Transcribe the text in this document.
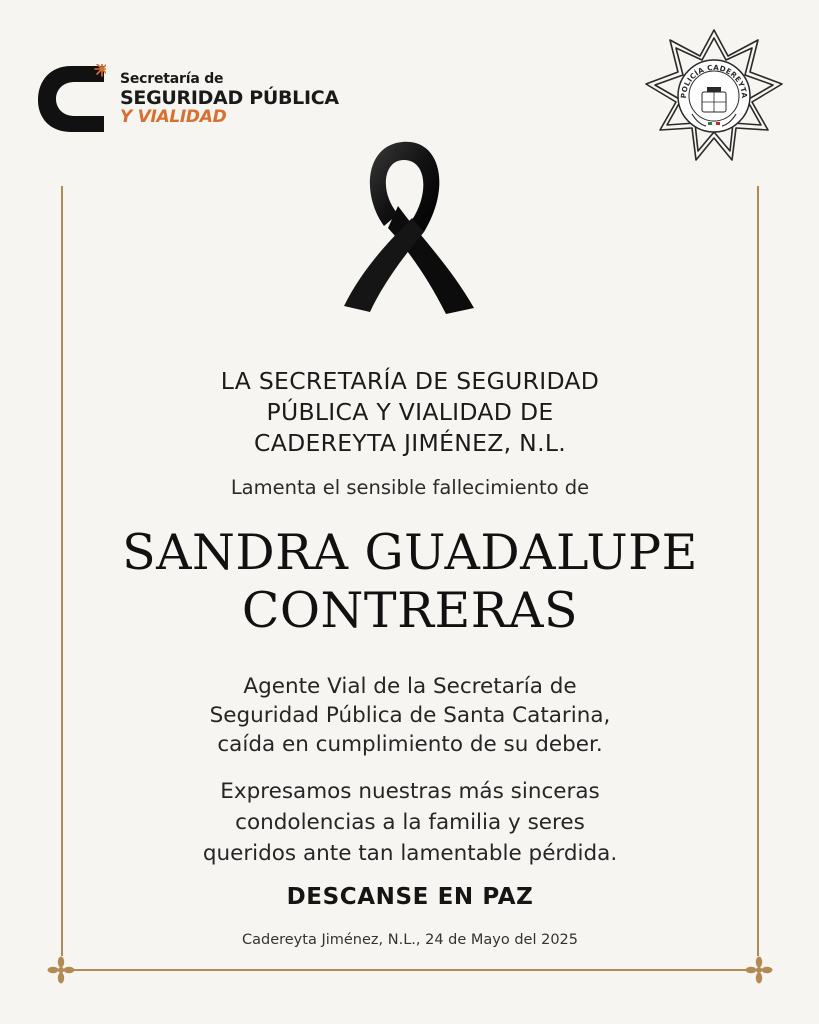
Secretaría de
SEGURIDAD PÚBLICA
Y VIALIDAD
POLICÍA CADEREYTA
LA SECRETARÍA DE SEGURIDAD
PÚBLICA Y VIALIDAD DE
CADEREYTA JIMÉNEZ, N.L.
Lamenta el sensible fallecimiento de
SANDRA GUADALUPE
CONTRERAS
Agente Vial de la Secretaría de
Seguridad Pública de Santa Catarina,
caída en cumplimiento de su deber.
Expresamos nuestras más sinceras
condolencias a la familia y seres
queridos ante tan lamentable pérdida.
DESCANSE EN PAZ
Cadereyta Jiménez, N.L., 24 de Mayo del 2025
